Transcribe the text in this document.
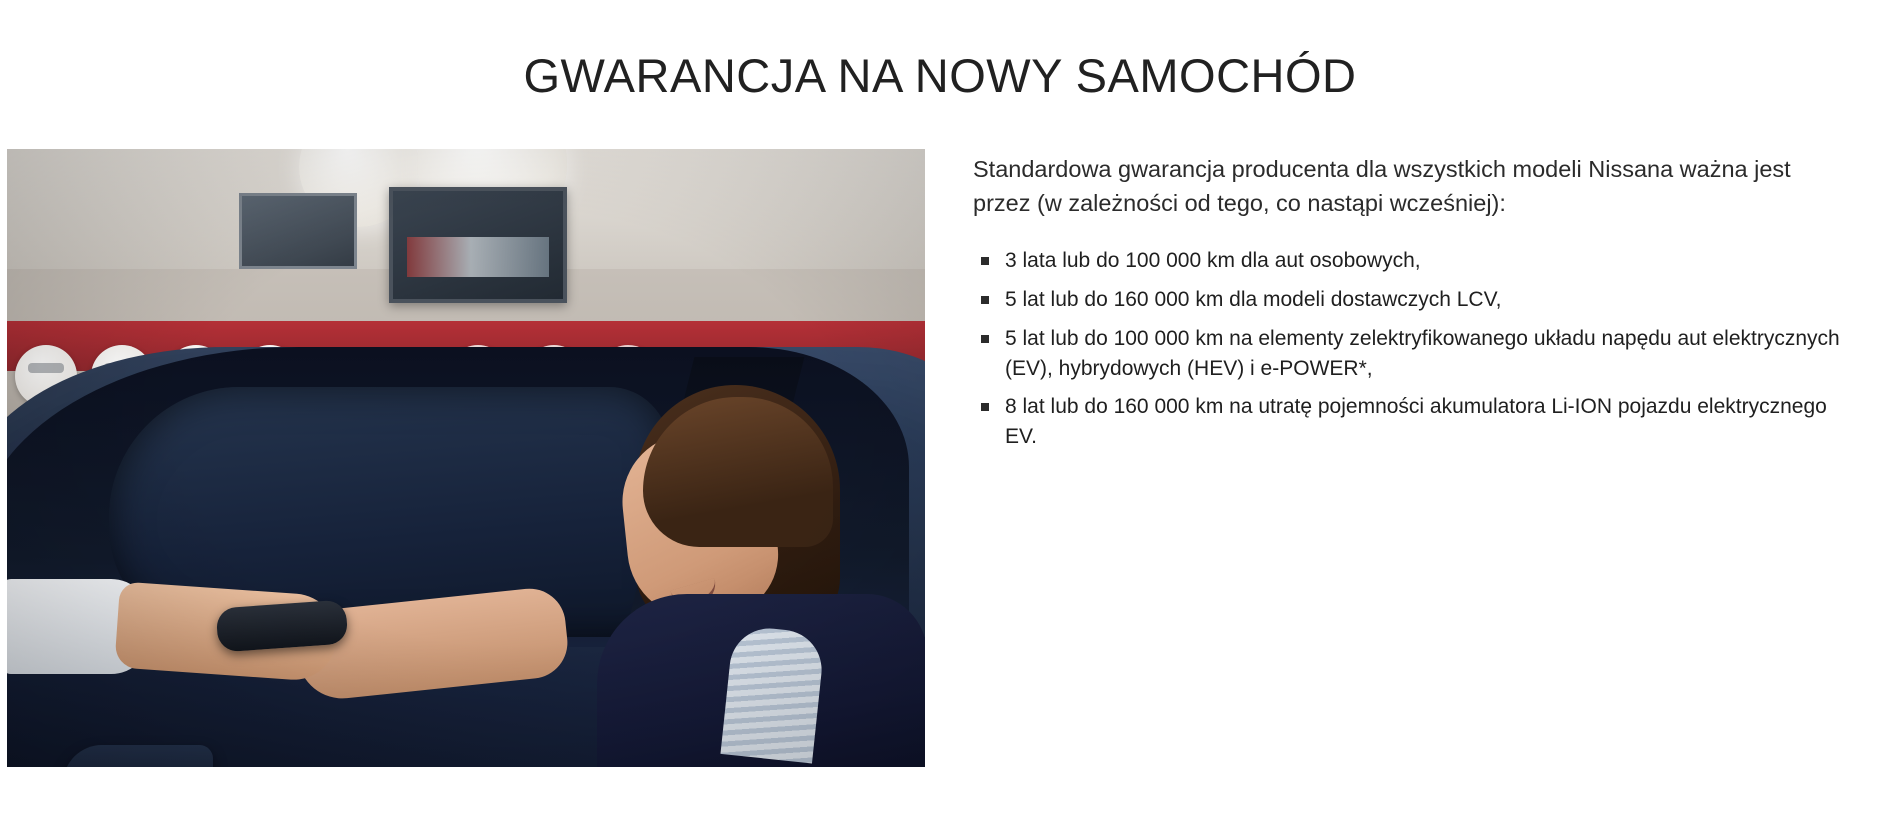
GWARANCJA NA NOWY SAMOCHÓD

Standardowa gwarancja producenta dla wszystkich modeli Nissana ważna jest przez (w zależności od tego, co nastąpi wcześniej):

3 lata lub do 100 000 km dla aut osobowych,
5 lat lub do 160 000 km dla modeli dostawczych LCV,
5 lat lub do 100 000 km na elementy zelektryfikowanego układu napędu aut elektrycznych (EV), hybrydowych (HEV) i e-POWER*,
8 lat lub do 160 000 km na utratę pojemności akumulatora Li-ION pojazdu elektrycznego EV.
